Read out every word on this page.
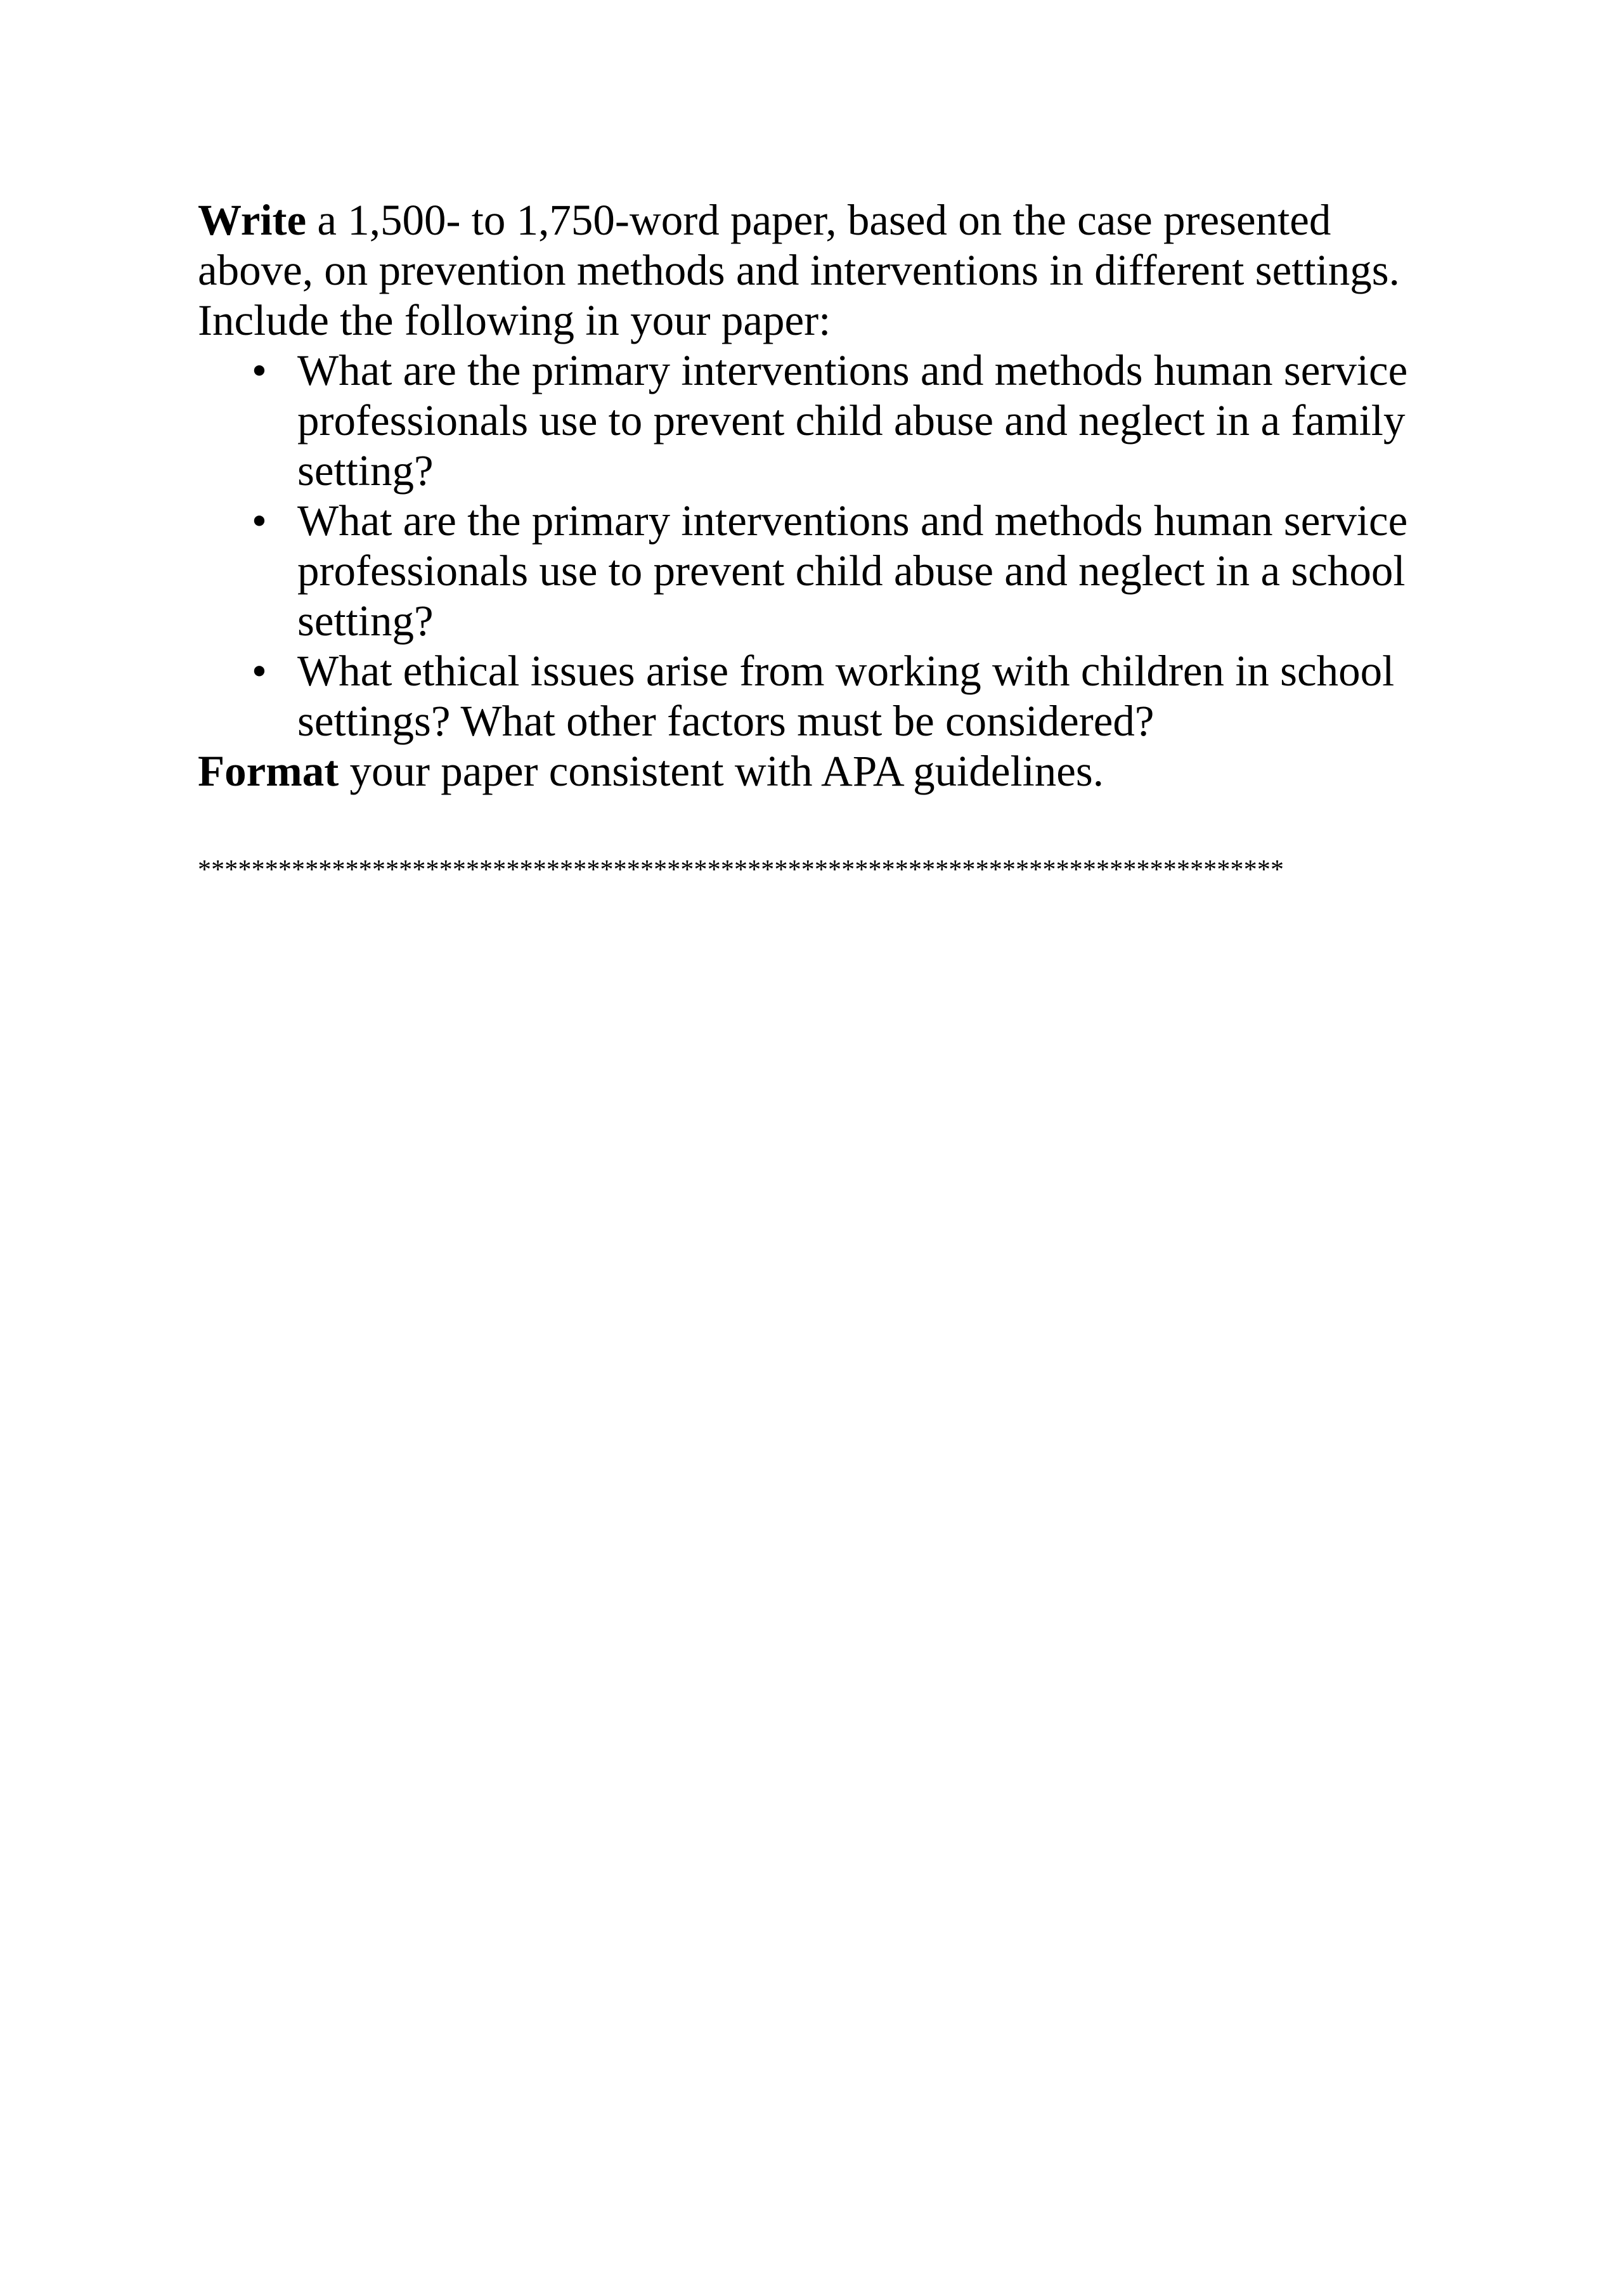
Write a 1,500- to 1,750-word paper, based on the case presented
above, on prevention methods and interventions in different settings.
Include the following in your paper:

• What are the primary interventions and methods human service
professionals use to prevent child abuse and neglect in a family
setting?
• What are the primary interventions and methods human service
professionals use to prevent child abuse and neglect in a school
setting?
• What ethical issues arise from working with children in school
settings? What other factors must be considered?

Format your paper consistent with APA guidelines.

*********************************************************************************
